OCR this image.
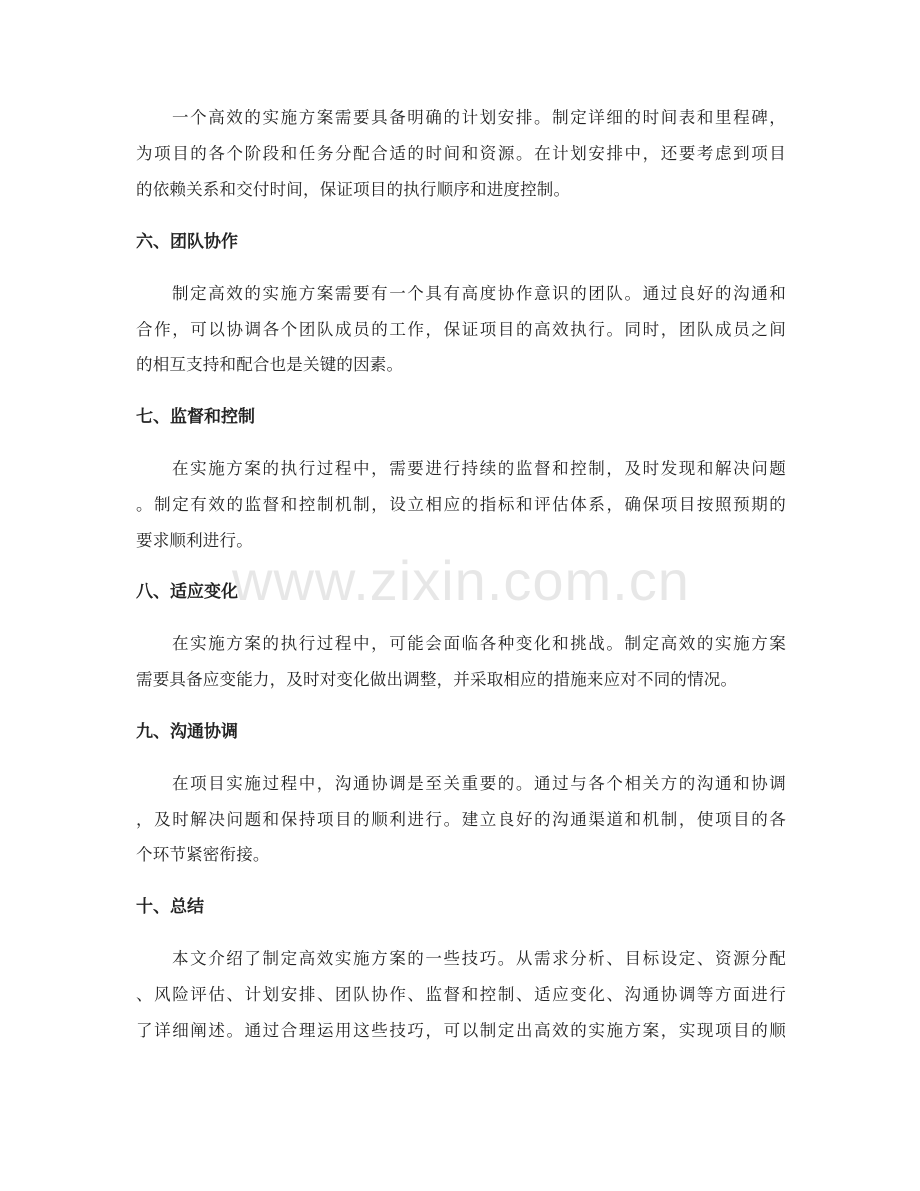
一个高效的实施方案需要具备明确的计划安排。制定详细的时间表和里程碑，
为项目的各个阶段和任务分配合适的时间和资源。在计划安排中，还要考虑到项目
的依赖关系和交付时间，保证项目的执行顺序和进度控制。
六、团队协作
制定高效的实施方案需要有一个具有高度协作意识的团队。通过良好的沟通和
合作，可以协调各个团队成员的工作，保证项目的高效执行。同时，团队成员之间
的相互支持和配合也是关键的因素。
七、监督和控制
在实施方案的执行过程中，需要进行持续的监督和控制，及时发现和解决问题
。制定有效的监督和控制机制，设立相应的指标和评估体系，确保项目按照预期的
要求顺利进行。
八、适应变化
在实施方案的执行过程中，可能会面临各种变化和挑战。制定高效的实施方案
需要具备应变能力，及时对变化做出调整，并采取相应的措施来应对不同的情况。
九、沟通协调
在项目实施过程中，沟通协调是至关重要的。通过与各个相关方的沟通和协调
，及时解决问题和保持项目的顺利进行。建立良好的沟通渠道和机制，使项目的各
个环节紧密衔接。
十、总结
本文介绍了制定高效实施方案的一些技巧。从需求分析、目标设定、资源分配
、风险评估、计划安排、团队协作、监督和控制、适应变化、沟通协调等方面进行
了详细阐述。通过合理运用这些技巧，可以制定出高效的实施方案，实现项目的顺
www.zixin.com.cn
